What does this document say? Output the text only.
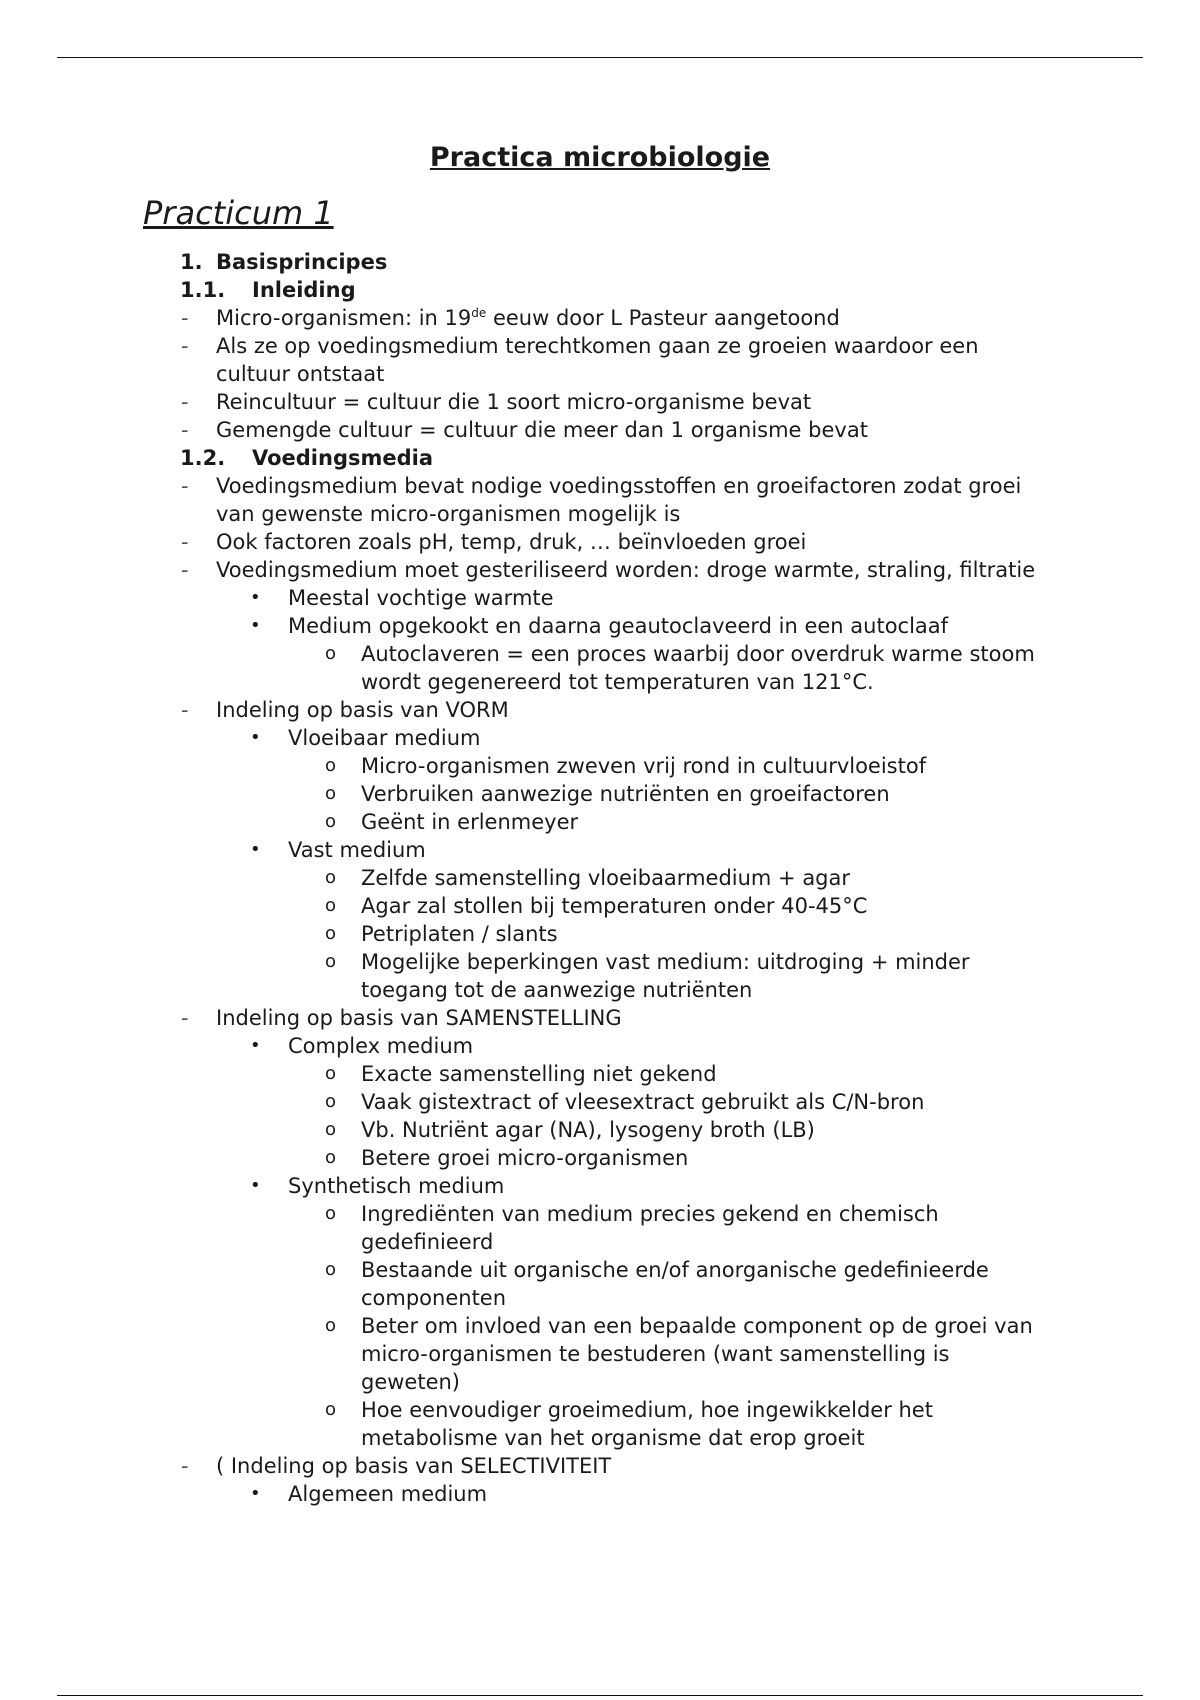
Practica microbiologie
Practicum 1
1. Basisprincipes
1.1. Inleiding
- Micro-organismen: in 19de eeuw door L Pasteur aangetoond
- Als ze op voedingsmedium terechtkomen gaan ze groeien waardoor een cultuur ontstaat
- Reincultuur = cultuur die 1 soort micro-organisme bevat
- Gemengde cultuur = cultuur die meer dan 1 organisme bevat
1.2. Voedingsmedia
- Voedingsmedium bevat nodige voedingsstoffen en groeifactoren zodat groei van gewenste micro-organismen mogelijk is
- Ook factoren zoals pH, temp, druk, … beïnvloeden groei
- Voedingsmedium moet gesteriliseerd worden: droge warmte, straling, filtratie
• Meestal vochtige warmte
• Medium opgekookt en daarna geautoclaveerd in een autoclaaf
o Autoclaveren = een proces waarbij door overdruk warme stoom wordt gegenereerd tot temperaturen van 121°C.
- Indeling op basis van VORM
• Vloeibaar medium
o Micro-organismen zweven vrij rond in cultuurvloeistof
o Verbruiken aanwezige nutriënten en groeifactoren
o Geënt in erlenmeyer
• Vast medium
o Zelfde samenstelling vloeibaarmedium + agar
o Agar zal stollen bij temperaturen onder 40-45°C
o Petriplaten / slants
o Mogelijke beperkingen vast medium: uitdroging + minder toegang tot de aanwezige nutriënten
- Indeling op basis van SAMENSTELLING
• Complex medium
o Exacte samenstelling niet gekend
o Vaak gistextract of vleesextract gebruikt als C/N-bron
o Vb. Nutriënt agar (NA), lysogeny broth (LB)
o Betere groei micro-organismen
• Synthetisch medium
o Ingrediënten van medium precies gekend en chemisch gedefinieerd
o Bestaande uit organische en/of anorganische gedefinieerde componenten
o Beter om invloed van een bepaalde component op de groei van micro-organismen te bestuderen (want samenstelling is geweten)
o Hoe eenvoudiger groeimedium, hoe ingewikkelder het metabolisme van het organisme dat erop groeit
- ( Indeling op basis van SELECTIVITEIT
• Algemeen medium
